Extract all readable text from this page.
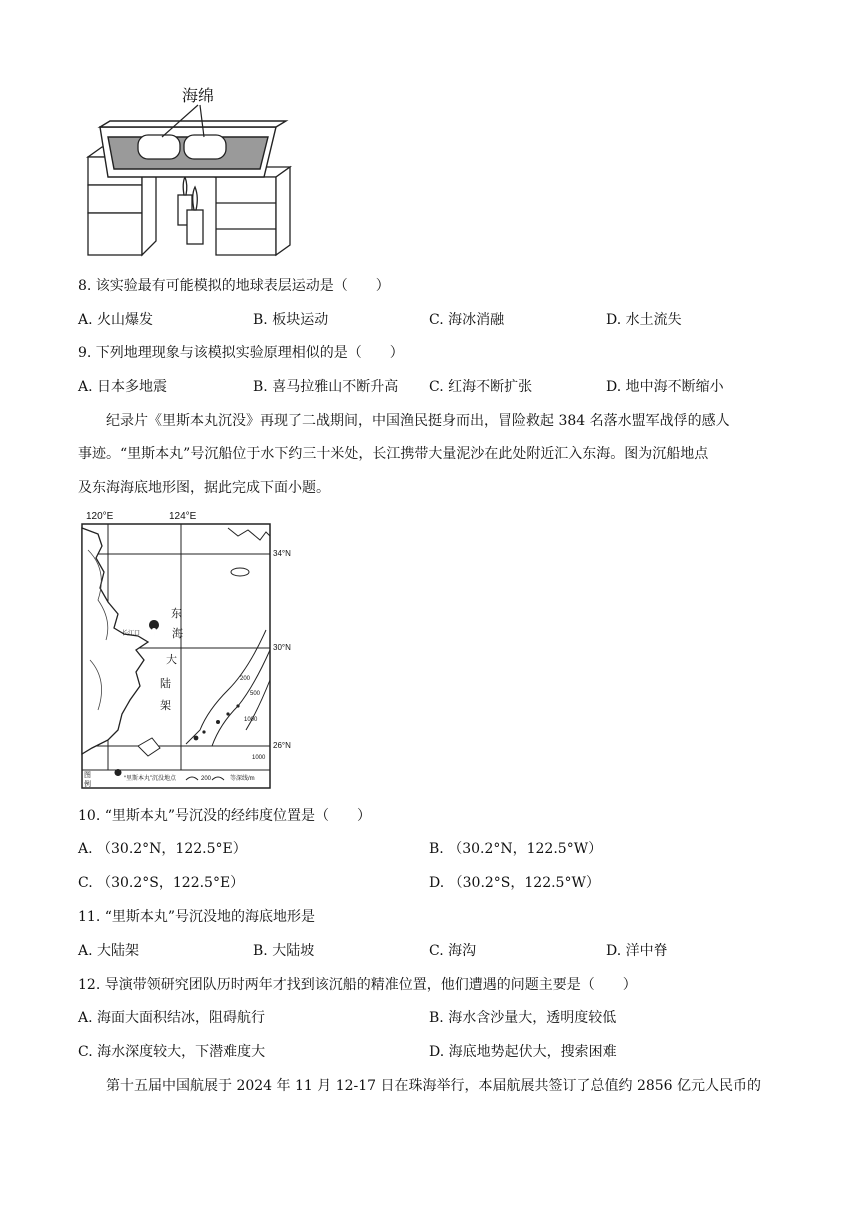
海绵
8. 该实验最有可能模拟的地球表层运动是（　　）
A. 火山爆发	B. 板块运动	C. 海冰消融	D. 水土流失
9. 下列地理现象与该模拟实验原理相似的是（　　）
A. 日本多地震	B. 喜马拉雅山不断升高 C. 红海不断扩张	D. 地中海不断缩小
纪录片《里斯本丸沉没》再现了二战期间，中国渔民挺身而出，冒险救起 384 名落水盟军战俘的感人
事迹。“里斯本丸”号沉船位于水下约三十米处，长江携带大量泥沙在此处附近汇入东海。图为沉船地点
及东海海底地形图，据此完成下面小题。
120°E	124°E
34°N
30°N
26°N
东
海
大
陆
架
长江口
200
500
1000
1000
图
例
“里斯本丸”沉没地点	200	等深线/m
10. “里斯本丸”号沉没的经纬度位置是（　　）
A. （30.2°N，122.5°E）	B. （30.2°N，122.5°W）
C. （30.2°S，122.5°E）	D. （30.2°S，122.5°W）
11. “里斯本丸”号沉没地的海底地形是
A. 大陆架	B. 大陆坡	C. 海沟	D. 洋中脊
12. 导演带领研究团队历时两年才找到该沉船的精准位置，他们遭遇的问题主要是（　　）
A. 海面大面积结冰，阻碍航行	B. 海水含沙量大，透明度较低
C. 海水深度较大，下潜难度大	D. 海底地势起伏大，搜索困难
第十五届中国航展于 2024 年 11 月 12-17 日在珠海举行，本届航展共签订了总值约 2856 亿元人民币的
